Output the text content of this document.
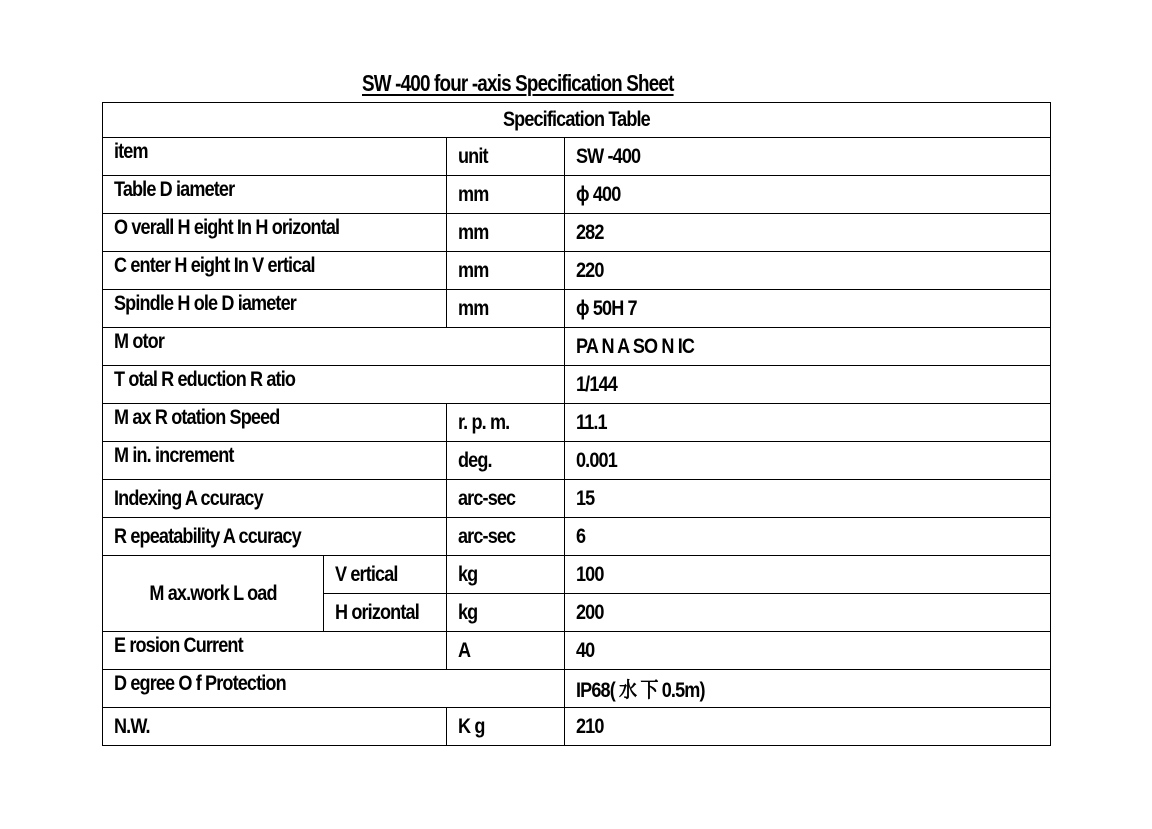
SW -400 four -axis Specification Sheet
Specification Table			
item		unit	SW -400
Table D iameter		mm	ϕ 400
O verall H eight In H orizontal		mm	282
C enter H eight In V ertical		mm	220
Spindle H ole D iameter		mm	ϕ 50H 7
M otor			PA N A SO N IC
T otal R eduction R atio			1/144
M ax R otation Speed		r. p. m.	11.1
M in. increment		deg.	0.001
Indexing A ccuracy		arc-sec	15
R epeatability A ccuracy		arc-sec	6
M ax.work L oad	V ertical	kg	100
	H orizontal	kg	200
E rosion Current		A	40
D egree O f Protection			IP68( 水 下 0.5m)
N.W.		K g	210
